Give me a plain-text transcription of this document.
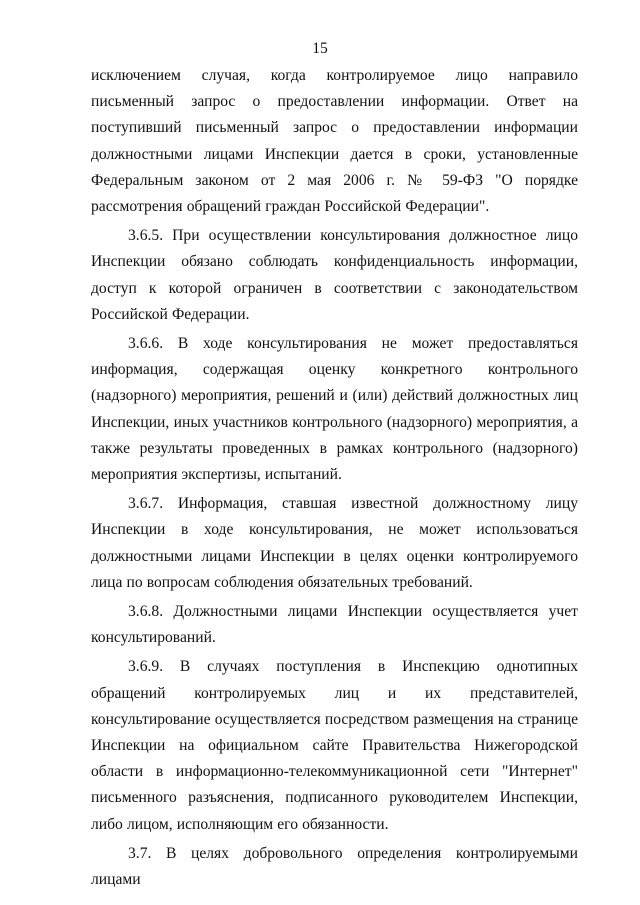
15

исключением случая, когда контролируемое лицо направило письменный запрос о предоставлении информации. Ответ на поступивший письменный запрос о предоставлении информации должностными лицами Инспекции дается в сроки, установленные Федеральным законом от 2 мая 2006 г. № 59-ФЗ "О порядке рассмотрения обращений граждан Российской Федерации".

3.6.5. При осуществлении консультирования должностное лицо Инспекции обязано соблюдать конфиденциальность информации, доступ к которой ограничен в соответствии с законодательством Российской Федерации.

3.6.6. В ходе консультирования не может предоставляться информация, содержащая оценку конкретного контрольного (надзорного) мероприятия, решений и (или) действий должностных лиц Инспекции, иных участников контрольного (надзорного) мероприятия, а также результаты проведенных в рамках контрольного (надзорного) мероприятия экспертизы, испытаний.

3.6.7. Информация, ставшая известной должностному лицу Инспекции в ходе консультирования, не может использоваться должностными лицами Инспекции в целях оценки контролируемого лица по вопросам соблюдения обязательных требований.

3.6.8. Должностными лицами Инспекции осуществляется учет консультирований.

3.6.9. В случаях поступления в Инспекцию однотипных обращений контролируемых лиц и их представителей, консультирование осуществляется посредством размещения на странице Инспекции на официальном сайте Правительства Нижегородской области в информационно-телекоммуникационной сети "Интернет" письменного разъяснения, подписанного руководителем Инспекции, либо лицом, исполняющим его обязанности.

3.7. В целях добровольного определения контролируемыми лицами
